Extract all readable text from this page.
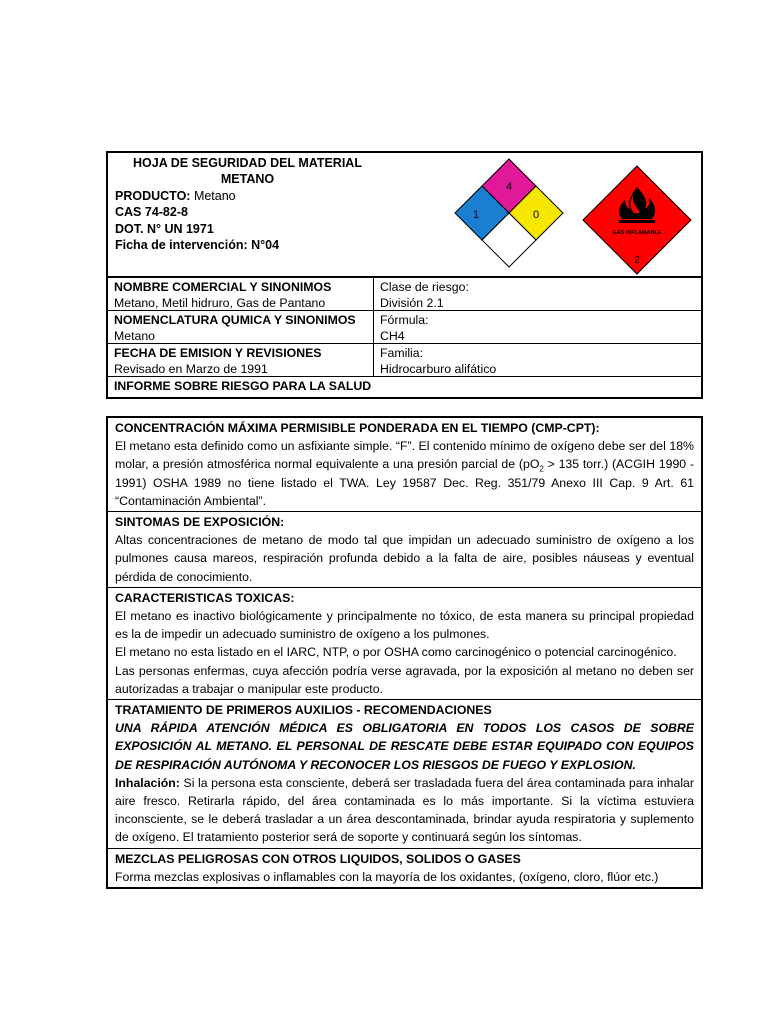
HOJA DE SEGURIDAD DEL MATERIAL
METANO
PRODUCTO: Metano
CAS 74-82-8
DOT. N° UN 1971
Ficha de intervención: N°04
4
1	0
GAS INFLAMABLE
2
NOMBRE COMERCIAL Y SINONIMOS
Metano, Metil hidruro, Gas de Pantano
Clase de riesgo:
División 2.1
NOMENCLATURA QUMICA Y SINONIMOS
Metano
Fórmula:
CH4
FECHA DE EMISION Y REVISIONES
Revisado en Marzo de 1991
Familia:
Hidrocarburo alifático
INFORME SOBRE RIESGO PARA LA SALUD
CONCENTRACIÓN MÁXIMA PERMISIBLE PONDERADA EN EL TIEMPO (CMP-CPT):

El metano esta definido como un asfixiante simple. “F”. El contenido mínimo de oxígeno debe ser del 18% molar, a presión atmosférica normal equivalente a una presión parcial de ($pO_2 > 135$ torr.) (ACGIH 1990 - 1991) OSHA 1989 no tiene listado el TWA. Ley 19587 Dec. Reg. 351/79 Anexo III Cap. 9 Art. 61 “Contaminación Ambiental”.

SINTOMAS DE EXPOSICIÓN:

Altas concentraciones de metano de modo tal que impidan un adecuado suministro de oxígeno a los pulmones causa mareos, respiración profunda debido a la falta de aire, posibles náuseas y eventual pérdida de conocimiento.

CARACTERISTICAS TOXICAS:

El metano es inactivo biológicamente y principalmente no tóxico, de esta manera su principal propiedad es la de impedir un adecuado suministro de oxígeno a los pulmones.

El metano no esta listado en el IARC, NTP, o por OSHA como carcinogénico o potencial carcinogénico.

Las personas enfermas, cuya afección podría verse agravada, por la exposición al metano no deben ser autorizadas a trabajar o manipular este producto.

TRATAMIENTO DE PRIMEROS AUXILIOS - RECOMENDACIONES

UNA RÁPIDA ATENCIÓN MÉDICA ES OBLIGATORIA EN TODOS LOS CASOS DE SOBRE EXPOSICIÓN AL METANO. EL PERSONAL DE RESCATE DEBE ESTAR EQUIPADO CON EQUIPOS DE RESPIRACIÓN AUTÓNOMA Y RECONOCER LOS RIESGOS DE FUEGO Y EXPLOSION.

Inhalación: Si la persona esta consciente, deberá ser trasladada fuera del área contaminada para inhalar aire fresco. Retirarla rápido, del área contaminada es lo más importante. Si la víctima estuviera inconsciente, se le deberá trasladar a un área descontaminada, brindar ayuda respiratoria y suplemento de oxígeno. El tratamiento posterior será de soporte y continuará según los síntomas.

MEZCLAS PELIGROSAS CON OTROS LIQUIDOS, SOLIDOS O GASES

Forma mezclas explosivas o inflamables con la mayoría de los oxidantes, (oxígeno, cloro, flúor etc.)
